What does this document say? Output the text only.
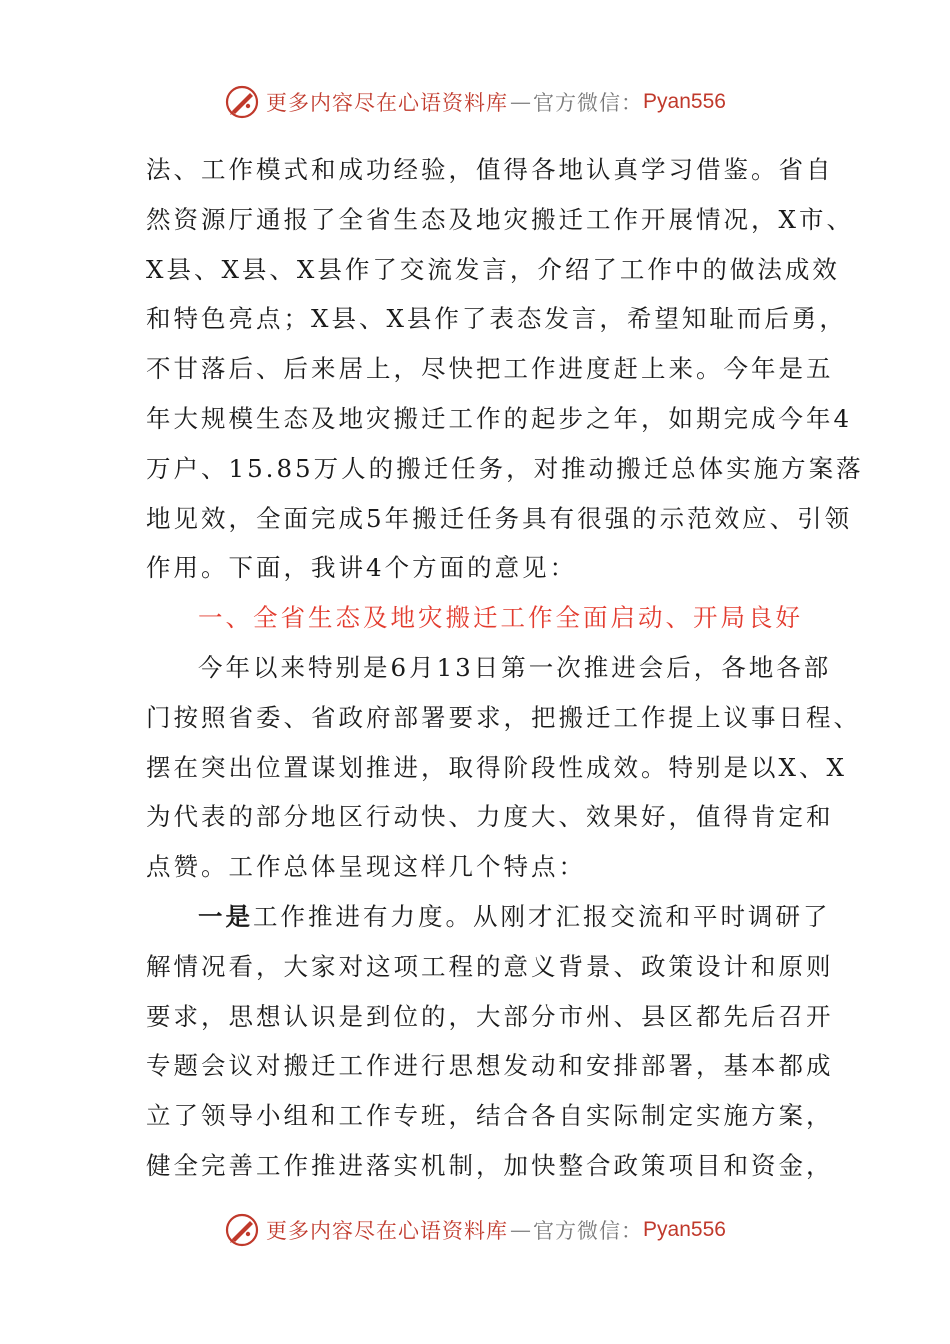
更多内容尽在心语资料库 — 官方微信： Pyan556
法、工作模式和成功经验，值得各地认真学习借鉴。省自
然资源厅通报了全省生态及地灾搬迁工作开展情况，X市、
X县、X县、X县作了交流发言，介绍了工作中的做法成效
和特色亮点；X县、X县作了表态发言，希望知耻而后勇，
不甘落后、后来居上，尽快把工作进度赶上来。今年是五
年大规模生态及地灾搬迁工作的起步之年，如期完成今年4
万户、15.85万人的搬迁任务，对推动搬迁总体实施方案落
地见效，全面完成5年搬迁任务具有很强的示范效应、引领
作用。下面，我讲4个方面的意见：
一、全省生态及地灾搬迁工作全面启动、开局良好
今年以来特别是6月13日第一次推进会后，各地各部
门按照省委、省政府部署要求，把搬迁工作提上议事日程、
摆在突出位置谋划推进，取得阶段性成效。特别是以X、X
为代表的部分地区行动快、力度大、效果好，值得肯定和
点赞。工作总体呈现这样几个特点：
一是工作推进有力度。从刚才汇报交流和平时调研了
解情况看，大家对这项工程的意义背景、政策设计和原则
要求，思想认识是到位的，大部分市州、县区都先后召开
专题会议对搬迁工作进行思想发动和安排部署，基本都成
立了领导小组和工作专班，结合各自实际制定实施方案，
健全完善工作推进落实机制，加快整合政策项目和资金，
更多内容尽在心语资料库 — 官方微信： Pyan556
